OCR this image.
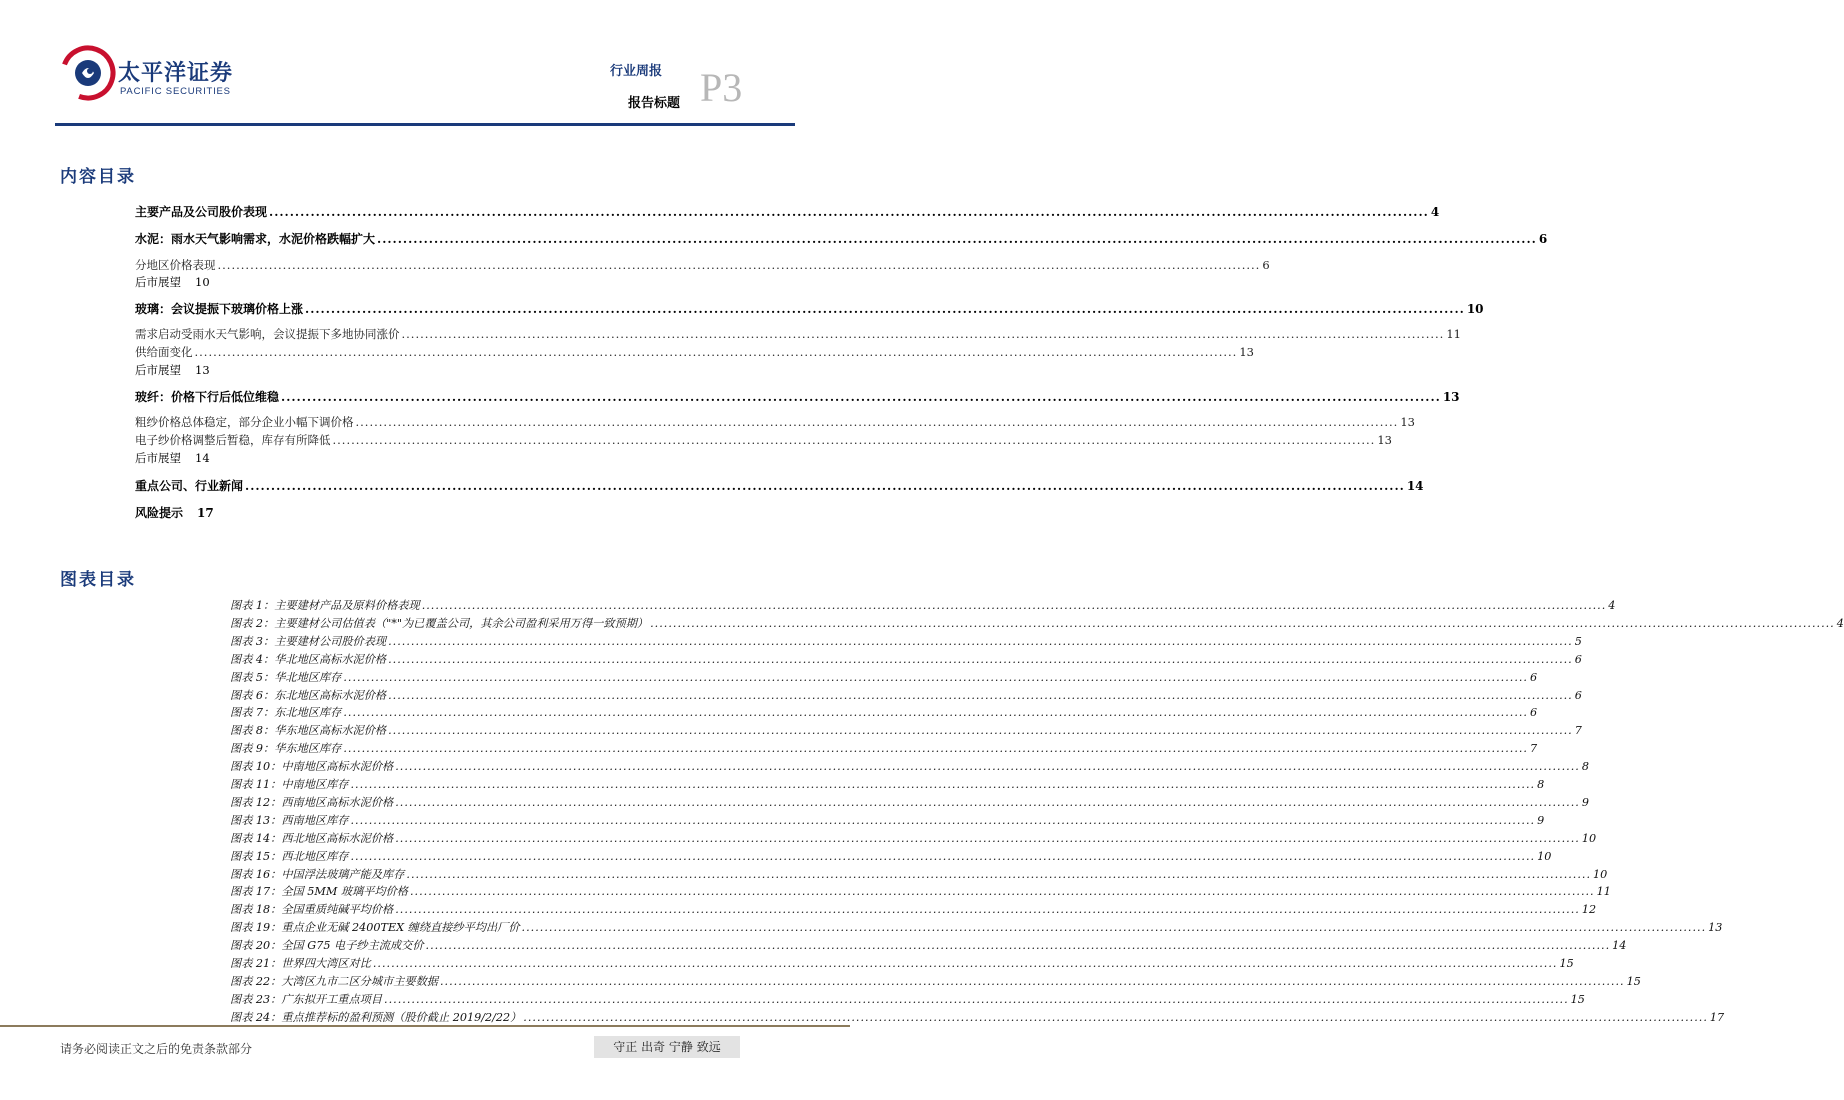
太平洋证券
PACIFIC SECURITIES
行业周报
报告标题 P3
内容目录
主要产品及公司股价表现 ................................................................................................................................................................................................................................ 4
水泥：雨水天气影响需求，水泥价格跌幅扩大 ................................................................................................................................................................................................................................ 6
分地区价格表现 ................................................................................................................................................................................................................................ 6
后市展望 10
玻璃：会议提振下玻璃价格上涨 ................................................................................................................................................................................................................................ 10
需求启动受雨水天气影响，会议提振下多地协同涨价 ................................................................................................................................................................................................................................ 11
供给面变化 ................................................................................................................................................................................................................................ 13
后市展望 13
玻纤：价格下行后低位维稳 ................................................................................................................................................................................................................................ 13
粗纱价格总体稳定，部分企业小幅下调价格 ................................................................................................................................................................................................................................ 13
电子纱价格调整后暂稳，库存有所降低 ................................................................................................................................................................................................................................ 13
后市展望 14
重点公司、行业新闻 ................................................................................................................................................................................................................................ 14
风险提示 17
图表目录
图表 1：主要建材产品及原料价格表现 .................................................................................................................................................................................................................................................................... 4
图表 2：主要建材公司估值表（"*"为已覆盖公司，其余公司盈利采用万得一致预期） .................................................................................................................................................................................................................................................................... 4
图表 3：主要建材公司股价表现 .................................................................................................................................................................................................................................................................... 5
图表 4：华北地区高标水泥价格 .................................................................................................................................................................................................................................................................... 6
图表 5：华北地区库存 .................................................................................................................................................................................................................................................................... 6
图表 6：东北地区高标水泥价格 .................................................................................................................................................................................................................................................................... 6
图表 7：东北地区库存 .................................................................................................................................................................................................................................................................... 6
图表 8：华东地区高标水泥价格 .................................................................................................................................................................................................................................................................... 7
图表 9：华东地区库存 .................................................................................................................................................................................................................................................................... 7
图表 10：中南地区高标水泥价格 .................................................................................................................................................................................................................................................................... 8
图表 11：中南地区库存 .................................................................................................................................................................................................................................................................... 8
图表 12：西南地区高标水泥价格 .................................................................................................................................................................................................................................................................... 9
图表 13：西南地区库存 .................................................................................................................................................................................................................................................................... 9
图表 14：西北地区高标水泥价格 .................................................................................................................................................................................................................................................................... 10
图表 15：西北地区库存 .................................................................................................................................................................................................................................................................... 10
图表 16：中国浮法玻璃产能及库存 .................................................................................................................................................................................................................................................................... 10
图表 17：全国 5MM 玻璃平均价格 .................................................................................................................................................................................................................................................................... 11
图表 18：全国重质纯碱平均价格 .................................................................................................................................................................................................................................................................... 12
图表 19：重点企业无碱 2400TEX 缠绕直接纱平均出厂价 .................................................................................................................................................................................................................................................................... 13
图表 20：全国 G75 电子纱主流成交价 .................................................................................................................................................................................................................................................................... 14
图表 21：世界四大湾区对比 .................................................................................................................................................................................................................................................................... 15
图表 22：大湾区九市二区分城市主要数据 .................................................................................................................................................................................................................................................................... 15
图表 23：广东拟开工重点项目 .................................................................................................................................................................................................................................................................... 15
图表 24：重点推荐标的盈利预测（股价截止 2019/2/22） .................................................................................................................................................................................................................................................................... 17
请务必阅读正文之后的免责条款部分	守正 出奇 宁静 致远
